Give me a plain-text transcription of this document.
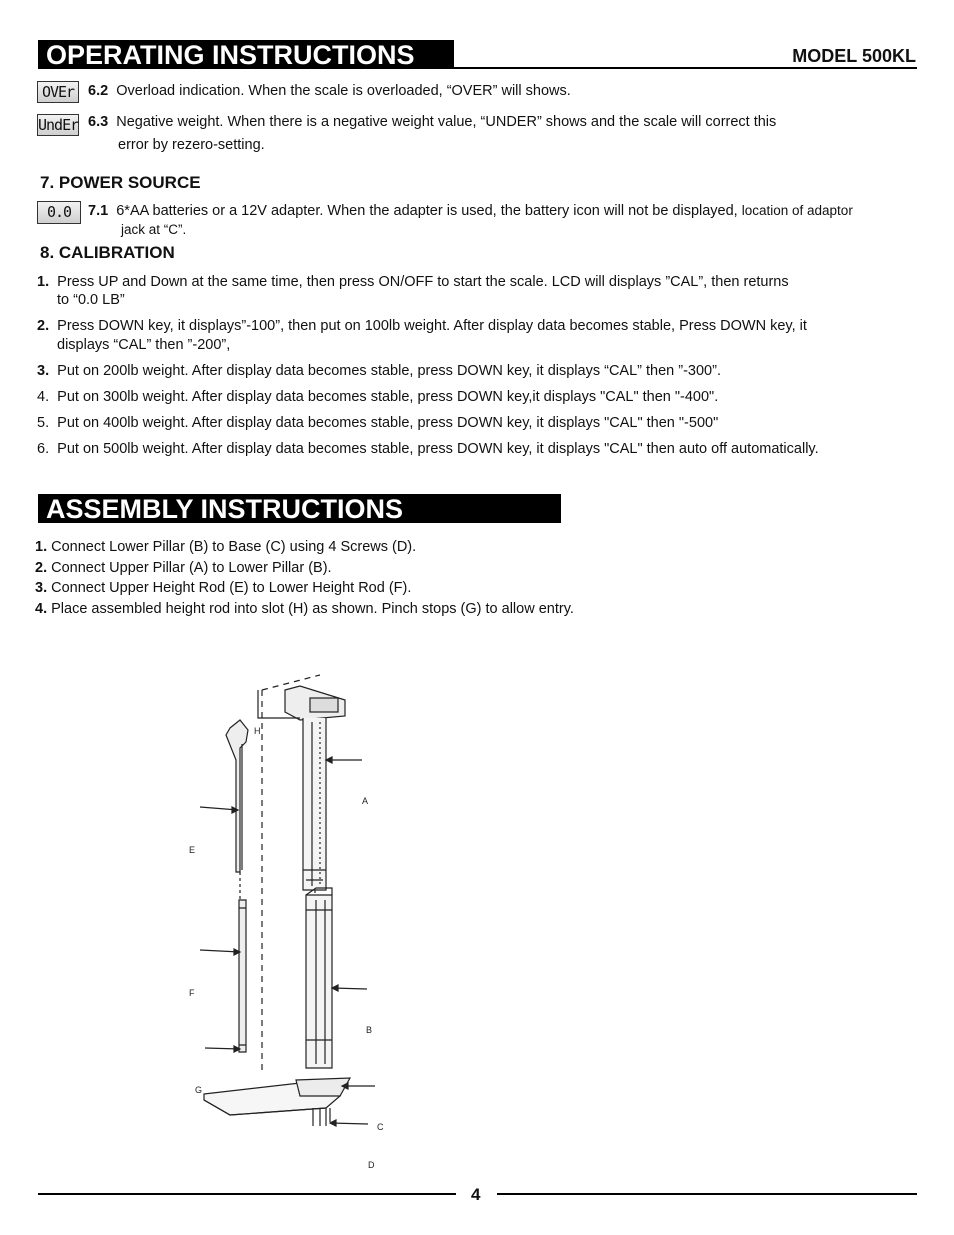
OPERATING INSTRUCTIONS	MODEL 500KL
OVEr 6.2 Overload indication. When the scale is overloaded, “OVER” will shows.
UndEr 6.3 Negative weight. When there is a negative weight value, “UNDER” shows and the scale will correct this
error by rezero-setting.
7. POWER SOURCE
0.0	7.1 6*AA batteries or a 12V adapter. When the adapter is used, the battery icon will not be displayed, location of adaptor
jack at “C”.
8. CALIBRATION
1. Press UP and Down at the same time, then press ON/OFF to start the scale. LCD will displays ”CAL”, then returns
to “0.0 LB”
2. Press DOWN key, it displays”-100”, then put on 100lb weight. After display data becomes stable, Press DOWN key, it
displays “CAL” then ”-200”,
3. Put on 200lb weight. After display data becomes stable, press DOWN key, it displays “CAL” then ”-300”.
4. Put on 300lb weight. After display data becomes stable, press DOWN key,it displays "CAL" then "-400".
5. Put on 400lb weight. After display data becomes stable, press DOWN key, it displays "CAL" then "-500"
6. Put on 500lb weight. After display data becomes stable, press DOWN key, it displays "CAL" then auto off automatically.
ASSEMBLY INSTRUCTIONS
1. Connect Lower Pillar (B) to Base (C) using 4 Screws (D).
2. Connect Upper Pillar (A) to Lower Pillar (B).
3. Connect Upper Height Rod (E) to Lower Height Rod (F).
4. Place assembled height rod into slot (H) as shown. Pinch stops (G) to allow entry.
H
A
E
F
B
G
C
D
4
